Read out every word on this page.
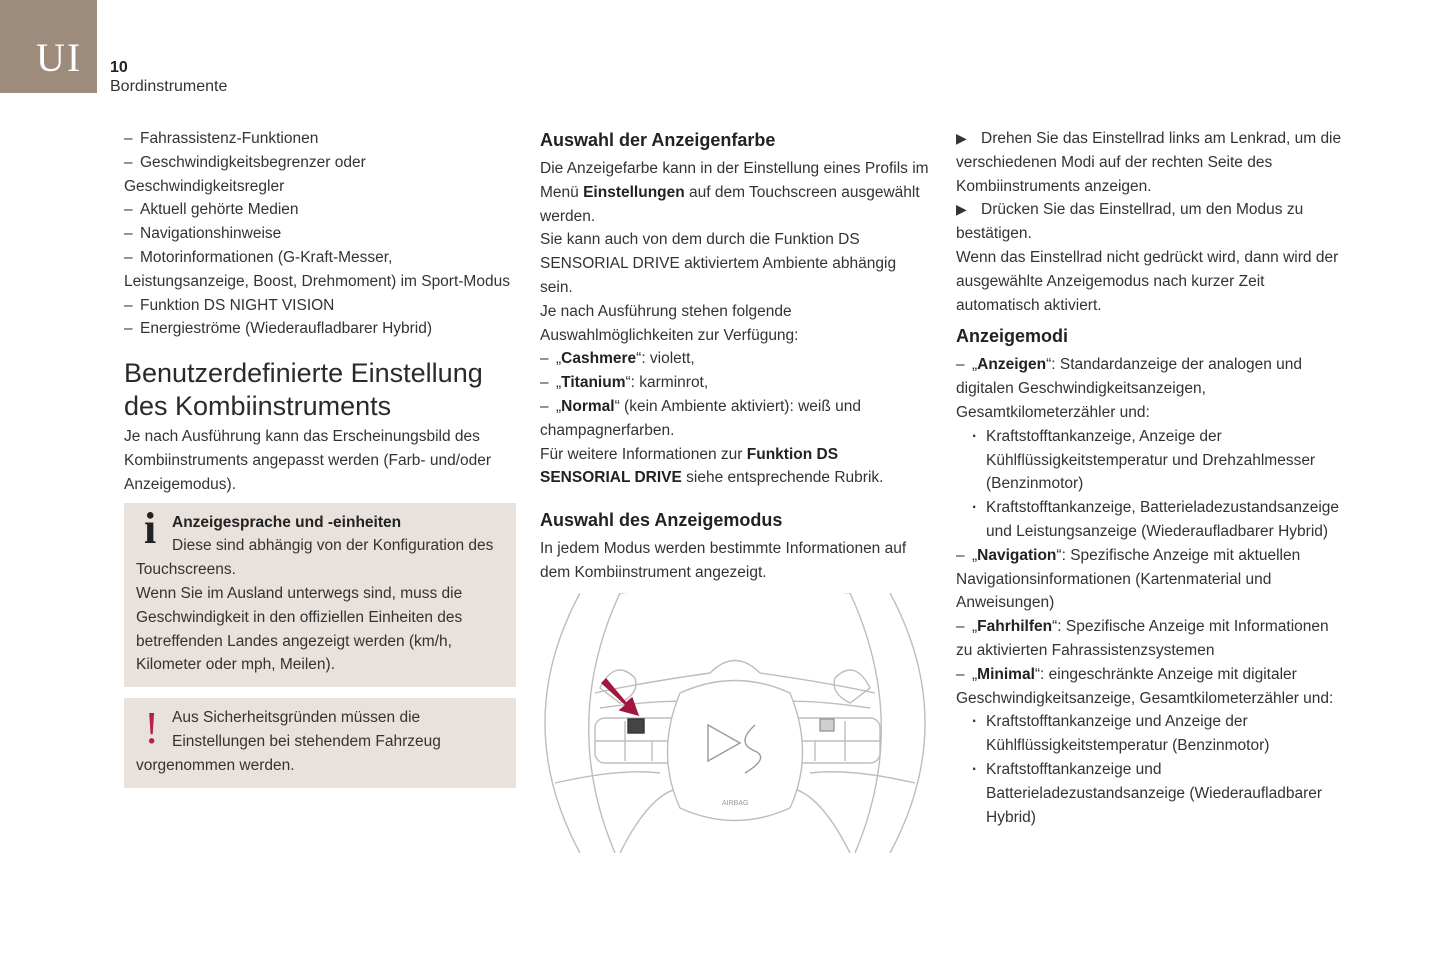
UI 10
Bordinstrumente

– Fahrassistenz-Funktionen

– Geschwindigkeitsbegrenzer oder Geschwindigkeitsregler

– Aktuell gehörte Medien

– Navigationshinweise

– Motorinformationen (G-Kraft-Messer, Leistungsanzeige, Boost, Drehmoment) im Sport-Modus

– Funktion DS NIGHT VISION

– Energieströme (Wiederaufladbarer Hybrid)

Benutzerdefinierte Einstellung des Kombiinstruments

Je nach Ausführung kann das Erscheinungsbild des Kombiinstruments angepasst werden (Farb- und/oder Anzeigemodus).

i	Anzeigesprache und -einheiten
Diese sind abhängig von der Konfiguration des Touchscreens.
Wenn Sie im Ausland unterwegs sind, muss die Geschwindigkeit in den offiziellen Einheiten des betreffenden Landes angezeigt werden (km/h, Kilometer oder mph, Meilen).
! Aus Sicherheitsgründen müssen die Einstellungen bei stehendem Fahrzeug vorgenommen werden.
Auswahl der Anzeigenfarbe

Die Anzeigefarbe kann in der Einstellung eines Profils im Menü Einstellungen auf dem Touchscreen ausgewählt werden.

Sie kann auch von dem durch die Funktion DS SENSORIAL DRIVE aktiviertem Ambiente abhängig sein.

Je nach Ausführung stehen folgende Auswahlmöglichkeiten zur Verfügung:

– „Cashmere“: violett,

– „Titanium“: karminrot,

– „Normal“ (kein Ambiente aktiviert): weiß und champagnerfarben.

Für weitere Informationen zur Funktion DS SENSORIAL DRIVE siehe entsprechende Rubrik.

Auswahl des Anzeigemodus

In jedem Modus werden bestimmte Informationen auf dem Kombiinstrument angezeigt.

AIRBAG

▶ Drehen Sie das Einstellrad links am Lenkrad, um die verschiedenen Modi auf der rechten Seite des Kombiinstruments anzeigen.

▶ Drücken Sie das Einstellrad, um den Modus zu bestätigen.

Wenn das Einstellrad nicht gedrückt wird, dann wird der ausgewählte Anzeigemodus nach kurzer Zeit automatisch aktiviert.

Anzeigemodi

– „Anzeigen“: Standardanzeige der analogen und digitalen Geschwindigkeitsanzeigen, Gesamtkilometerzähler und:

· Kraftstofftankanzeige, Anzeige der Kühlflüssigkeitstemperatur und Drehzahlmesser (Benzinmotor)
· Kraftstofftankanzeige, Batterieladezustandsanzeige und Leistungsanzeige (Wiederaufladbarer Hybrid)

– „Navigation“: Spezifische Anzeige mit aktuellen Navigationsinformationen (Kartenmaterial und Anweisungen)

– „Fahrhilfen“: Spezifische Anzeige mit Informationen zu aktivierten Fahrassistenzsystemen

– „Minimal“: eingeschränkte Anzeige mit digitaler Geschwindigkeitsanzeige, Gesamtkilometerzähler und:

· Kraftstofftankanzeige und Anzeige der Kühlflüssigkeitstemperatur (Benzinmotor)
· Kraftstofftankanzeige und Batterieladezustandsanzeige (Wiederaufladbarer Hybrid)
